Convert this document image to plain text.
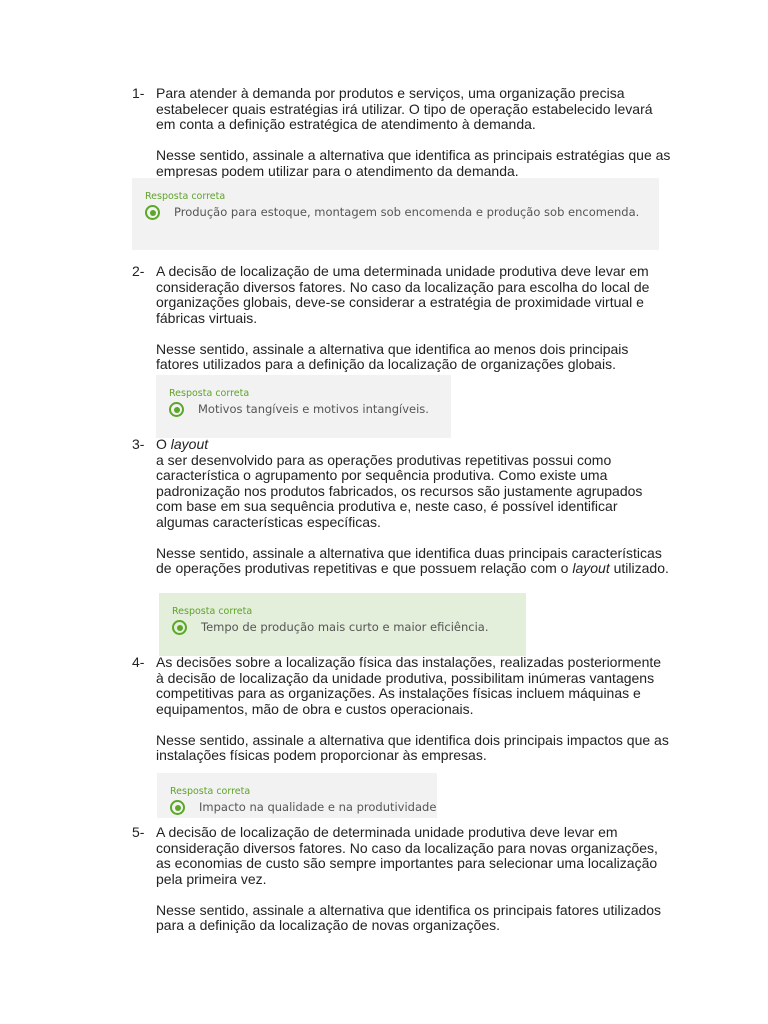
1- Para atender à demanda por produtos e serviços, uma organização precisa estabelecer quais estratégias irá utilizar. O tipo de operação estabelecido levará em conta a definição estratégica de atendimento à demanda.

Nesse sentido, assinale a alternativa que identifica as principais estratégias que as empresas podem utilizar para o atendimento da demanda.

Resposta correta
Produção para estoque, montagem sob encomenda e produção sob encomenda.
2- A decisão de localização de uma determinada unidade produtiva deve levar em consideração diversos fatores. No caso da localização para escolha do local de organizações globais, deve-se considerar a estratégia de proximidade virtual e fábricas virtuais.

Nesse sentido, assinale a alternativa que identifica ao menos dois principais fatores utilizados para a definição da localização de organizações globais.

Resposta correta
Motivos tangíveis e motivos intangíveis.
3- O layout
a ser desenvolvido para as operações produtivas repetitivas possui como característica o agrupamento por sequência produtiva. Como existe uma padronização nos produtos fabricados, os recursos são justamente agrupados com base em sua sequência produtiva e, neste caso, é possível identificar algumas características específicas.

Nesse sentido, assinale a alternativa que identifica duas principais características de operações produtivas repetitivas e que possuem relação com o layout utilizado.

Resposta correta
Tempo de produção mais curto e maior eficiência.
4- As decisões sobre a localização física das instalações, realizadas posteriormente à decisão de localização da unidade produtiva, possibilitam inúmeras vantagens competitivas para as organizações. As instalações físicas incluem máquinas e equipamentos, mão de obra e custos operacionais.

Nesse sentido, assinale a alternativa que identifica dois principais impactos que as instalações físicas podem proporcionar às empresas.

Resposta correta
Impacto na qualidade e na produtividade
5- A decisão de localização de determinada unidade produtiva deve levar em consideração diversos fatores. No caso da localização para novas organizações, as economias de custo são sempre importantes para selecionar uma localização pela primeira vez.

Nesse sentido, assinale a alternativa que identifica os principais fatores utilizados para a definição da localização de novas organizações.
